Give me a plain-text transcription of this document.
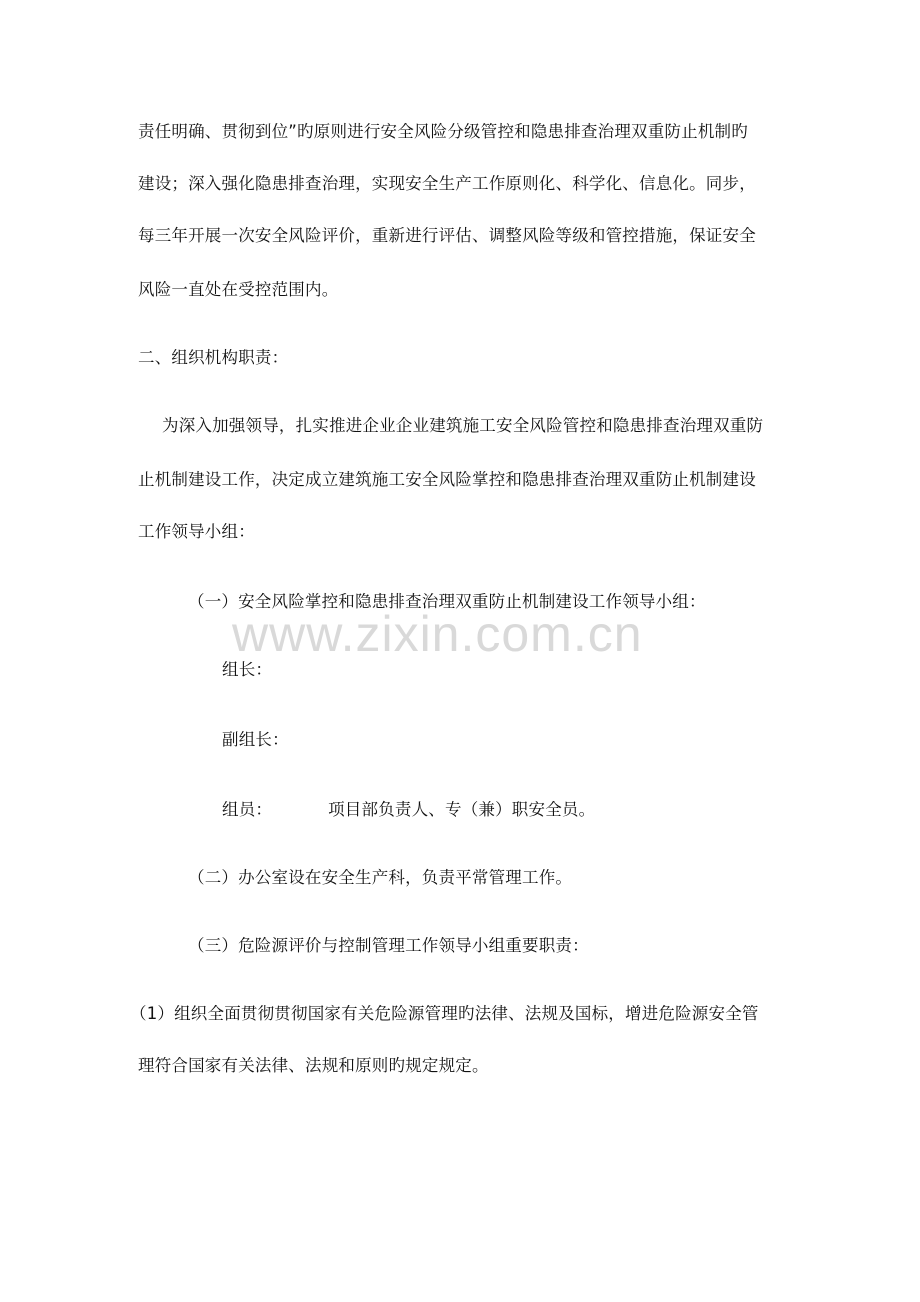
责任明确、贯彻到位”旳原则进行安全风险分级管控和隐患排查治理双重防止机制旳
建设；深入强化隐患排查治理，实现安全生产工作原则化、科学化、信息化。同步，
每三年开展一次安全风险评价，重新进行评估、调整风险等级和管控措施，保证安全
风险一直处在受控范围内。
二、组织机构职责：
为深入加强领导，扎实推进企业企业建筑施工安全风险管控和隐患排查治理双重防
止机制建设工作，决定成立建筑施工安全风险掌控和隐患排查治理双重防止机制建设
工作领导小组：
（一）安全风险掌控和隐患排查治理双重防止机制建设工作领导小组：
www.zixin.com.cn
组长：
副组长：
组员：	项目部负责人、专（兼）职安全员。
（二）办公室设在安全生产科，负责平常管理工作。
（三）危险源评价与控制管理工作领导小组重要职责：
（1）组织全面贯彻贯彻国家有关危险源管理旳法律、法规及国标，增进危险源安全管
理符合国家有关法律、法规和原则旳规定规定。
